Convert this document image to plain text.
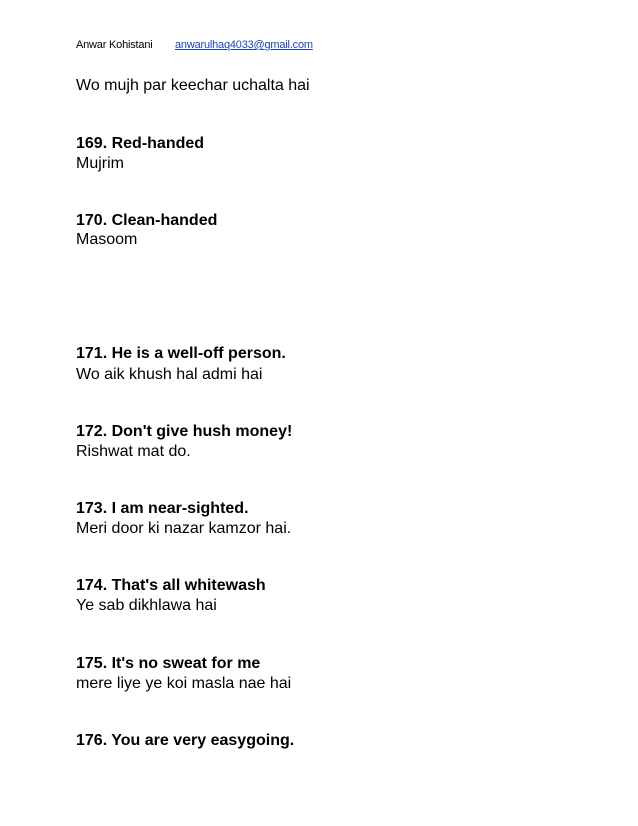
Anwar Kohistani anwarulhaq4033@gmail.com
Wo mujh par keechar uchalta hai
169. Red-handed
Mujrim
170. Clean-handed
Masoom
171. He is a well-off person.
Wo aik khush hal admi hai
172. Don't give hush money!
Rishwat mat do.
173. I am near-sighted.
Meri door ki nazar kamzor hai.
174. That's all whitewash
Ye sab dikhlawa hai
175. It's no sweat for me
mere liye ye koi masla nae hai
176. You are very easygoing.
